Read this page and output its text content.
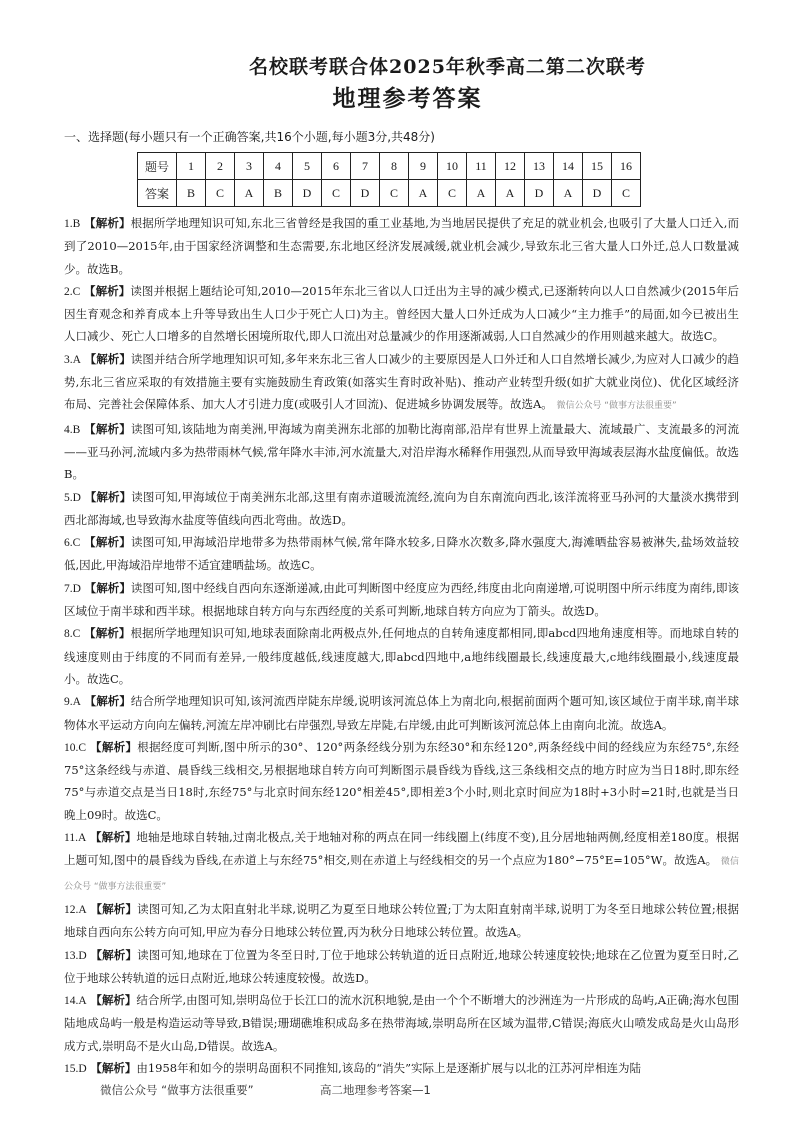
名校联考联合体2025年秋季高二第二次联考
地理参考答案
一、选择题(每小题只有一个正确答案,共16个小题,每小题3分,共48分)
题号	1	2	3	4	5	6	7	8	9	10	11	12	13	14	15	16
答案	B	C	A	B	D	C	D	C	A	C	A	A	D	A	D	C

1.B 【解析】根据所学地理知识可知,东北三省曾经是我国的重工业基地,为当地居民提供了充足的就业机会,也吸引了大量人口迁入,而到了2010—2015年,由于国家经济调整和生态需要,东北地区经济发展减缓,就业机会减少,导致东北三省大量人口外迁,总人口数量减少。故选B。

2.C 【解析】读图并根据上题结论可知,2010—2015年东北三省以人口迁出为主导的减少模式,已逐渐转向以人口自然减少(2015年后因生育观念和养育成本上升等导致出生人口少于死亡人口)为主。曾经因大量人口外迁成为人口减少“主力推手”的局面,如今已被出生人口减少、死亡人口增多的自然增长困境所取代,即人口流出对总量减少的作用逐渐减弱,人口自然减少的作用则越来越大。故选C。

3.A 【解析】读图并结合所学地理知识可知,多年来东北三省人口减少的主要原因是人口外迁和人口自然增长减少,为应对人口减少的趋势,东北三省应采取的有效措施主要有实施鼓励生育政策(如落实生育时政补贴)、推动产业转型升级(如扩大就业岗位)、优化区域经济布局、完善社会保障体系、加大人才引进力度(或吸引人才回流)、促进城乡协调发展等。故选A。 微信公众号 “做事方法很重要”

4.B 【解析】读图可知,该陆地为南美洲,甲海域为南美洲东北部的加勒比海南部,沿岸有世界上流量最大、流域最广、支流最多的河流——亚马孙河,流域内多为热带雨林气候,常年降水丰沛,河水流量大,对沿岸海水稀释作用强烈,从而导致甲海域表层海水盐度偏低。故选B。

5.D 【解析】读图可知,甲海域位于南美洲东北部,这里有南赤道暖流流经,流向为自东南流向西北,该洋流将亚马孙河的大量淡水携带到西北部海域,也导致海水盐度等值线向西北弯曲。故选D。

6.C 【解析】读图可知,甲海域沿岸地带多为热带雨林气候,常年降水较多,日降水次数多,降水强度大,海滩晒盐容易被淋失,盐场效益较低,因此,甲海域沿岸地带不适宜建晒盐场。故选C。

7.D 【解析】读图可知,图中经线自西向东逐渐递减,由此可判断图中经度应为西经,纬度由北向南递增,可说明图中所示纬度为南纬,即该区域位于南半球和西半球。根据地球自转方向与东西经度的关系可判断,地球自转方向应为丁箭头。故选D。

8.C 【解析】根据所学地理知识可知,地球表面除南北两极点外,任何地点的自转角速度都相同,即abcd四地角速度相等。而地球自转的线速度则由于纬度的不同而有差异,一般纬度越低,线速度越大,即abcd四地中,a地纬线圈最长,线速度最大,c地纬线圈最小,线速度最小。故选C。

9.A 【解析】结合所学地理知识可知,该河流西岸陡东岸缓,说明该河流总体上为南北向,根据前面两个题可知,该区域位于南半球,南半球物体水平运动方向向左偏转,河流左岸冲刷比右岸强烈,导致左岸陡,右岸缓,由此可判断该河流总体上由南向北流。故选A。

10.C 【解析】根据经度可判断,图中所示的30°、120°两条经线分别为东经30°和东经120°,两条经线中间的经线应为东经75°,东经75°这条经线与赤道、晨昏线三线相交,另根据地球自转方向可判断图示晨昏线为昏线,这三条线相交点的地方时应为当日18时,即东经75°与赤道交点是当日18时,东经75°与北京时间东经120°相差45°,即相差3个小时,则北京时间应为18时+3小时=21时,也就是当日晚上09时。故选C。

11.A 【解析】地轴是地球自转轴,过南北极点,关于地轴对称的两点在同一纬线圈上(纬度不变),且分居地轴两侧,经度相差180度。根据上题可知,图中的晨昏线为昏线,在赤道上与东经75°相交,则在赤道上与经线相交的另一个点应为180°−75°E=105°W。故选A。 微信公众号 “做事方法很重要”

12.A 【解析】读图可知,乙为太阳直射北半球,说明乙为夏至日地球公转位置;丁为太阳直射南半球,说明丁为冬至日地球公转位置;根据地球自西向东公转方向可知,甲应为春分日地球公转位置,丙为秋分日地球公转位置。故选A。

13.D 【解析】读图可知,地球在丁位置为冬至日时,丁位于地球公转轨道的近日点附近,地球公转速度较快;地球在乙位置为夏至日时,乙位于地球公转轨道的远日点附近,地球公转速度较慢。故选D。

14.A 【解析】结合所学,由图可知,崇明岛位于长江口的流水沉积地貌,是由一个个不断增大的沙洲连为一片形成的岛屿,A正确;海水包围陆地成岛屿一般是构造运动等导致,B错误;珊瑚礁堆积成岛多在热带海域,崇明岛所在区域为温带,C错误;海底火山喷发成岛是火山岛形成方式,崇明岛不是火山岛,D错误。故选A。

15.D 【解析】由1958年和如今的崇明岛面积不同推知,该岛的“消失”实际上是逐渐扩展与以北的江苏河岸相连为陆

微信公众号 “做事方法很重要”	高二地理参考答案—1
